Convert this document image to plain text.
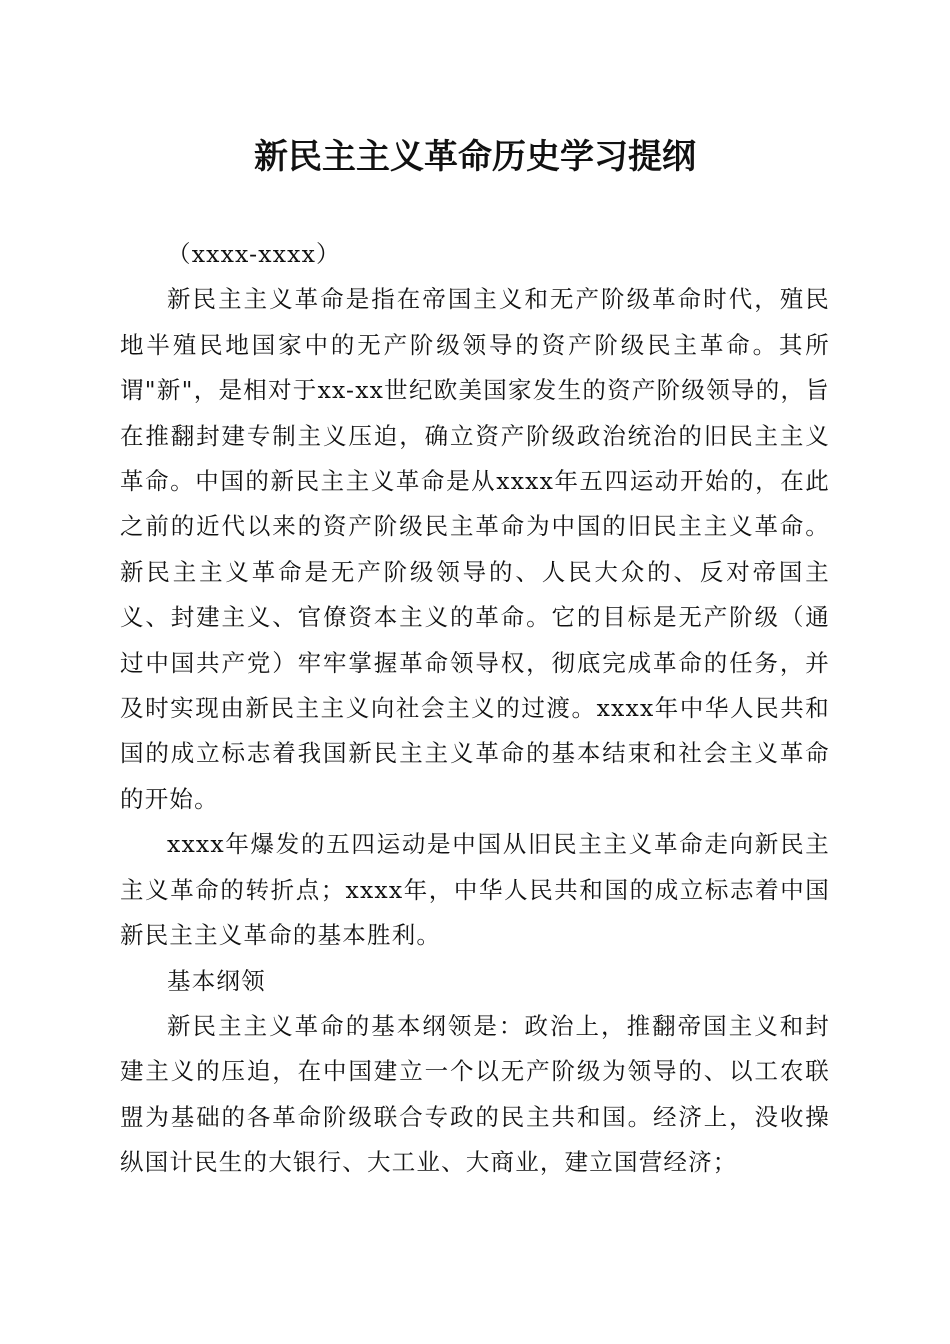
新民主主义革命历史学习提纲

（xxxx-xxxx）

新民主主义革命是指在帝国主义和无产阶级革命时代，殖民地半殖民地国家中的无产阶级领导的资产阶级民主革命。其所谓"新"，是相对于xx-xx世纪欧美国家发生的资产阶级领导的，旨在推翻封建专制主义压迫，确立资产阶级政治统治的旧民主主义革命。中国的新民主主义革命是从xxxx年五四运动开始的，在此之前的近代以来的资产阶级民主革命为中国的旧民主主义革命。新民主主义革命是无产阶级领导的、人民大众的、反对帝国主义、封建主义、官僚资本主义的革命。它的目标是无产阶级（通过中国共产党）牢牢掌握革命领导权，彻底完成革命的任务，并及时实现由新民主主义向社会主义的过渡。xxxx年中华人民共和国的成立标志着我国新民主主义革命的基本结束和社会主义革命的开始。

xxxx年爆发的五四运动是中国从旧民主主义革命走向新民主主义革命的转折点；xxxx年，中华人民共和国的成立标志着中国新民主主义革命的基本胜利。

基本纲领

新民主主义革命的基本纲领是：政治上，推翻帝国主义和封建主义的压迫，在中国建立一个以无产阶级为领导的、以工农联盟为基础的各革命阶级联合专政的民主共和国。经济上，没收操纵国计民生的大银行、大工业、大商业，建立国营经济；
